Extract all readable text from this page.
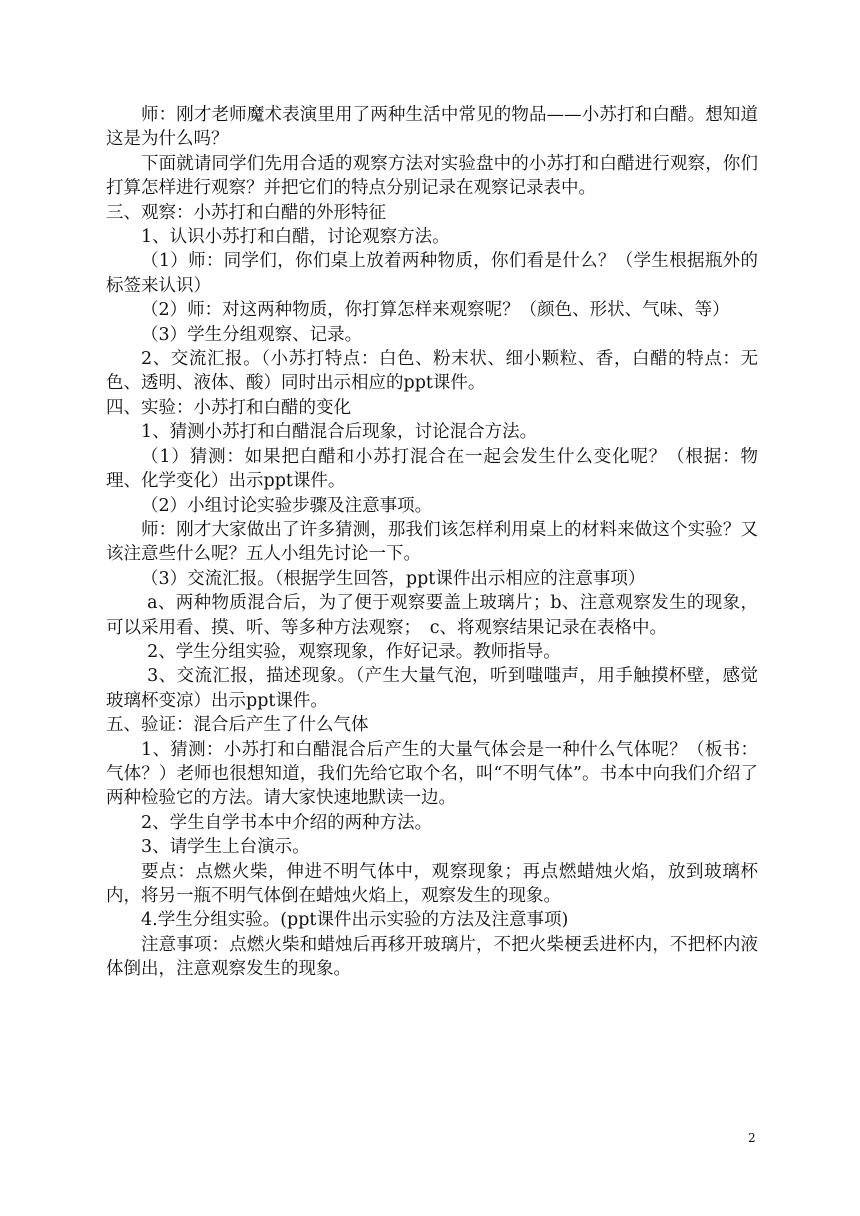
师：刚才老师魔术表演里用了两种生活中常见的物品——小苏打和白醋。想知道这是为什么吗？

下面就请同学们先用合适的观察方法对实验盘中的小苏打和白醋进行观察，你们打算怎样进行观察？并把它们的特点分别记录在观察记录表中。

三、观察：小苏打和白醋的外形特征

1、认识小苏打和白醋，讨论观察方法。

（1）师：同学们，你们桌上放着两种物质，你们看是什么？（学生根据瓶外的标签来认识）

（2）师：对这两种物质，你打算怎样来观察呢？（颜色、形状、气味、等）

（3）学生分组观察、记录。

2、交流汇报。（小苏打特点：白色、粉末状、细小颗粒、香，白醋的特点：无色、透明、液体、酸）同时出示相应的ppt课件。

四、实验：小苏打和白醋的变化

1、猜测小苏打和白醋混合后现象，讨论混合方法。

（1）猜测：如果把白醋和小苏打混合在一起会发生什么变化呢？（根据：物理、化学变化）出示ppt课件。

（2）小组讨论实验步骤及注意事项。

师：刚才大家做出了许多猜测，那我们该怎样利用桌上的材料来做这个实验？又该注意些什么呢？五人小组先讨论一下。

（3）交流汇报。（根据学生回答，ppt课件出示相应的注意事项）

a、两种物质混合后，为了便于观察要盖上玻璃片；b、注意观察发生的现象，可以采用看、摸、听、等多种方法观察；　c、将观察结果记录在表格中。

2、学生分组实验，观察现象，作好记录。教师指导。

3、交流汇报，描述现象。（产生大量气泡，听到嗤嗤声，用手触摸杯壁，感觉玻璃杯变凉）出示ppt课件。

五、验证：混合后产生了什么气体

1、猜测：小苏打和白醋混合后产生的大量气体会是一种什么气体呢？（板书：气体？）老师也很想知道，我们先给它取个名，叫“不明气体”。书本中向我们介绍了两种检验它的方法。请大家快速地默读一边。

2、学生自学书本中介绍的两种方法。

3、请学生上台演示。

要点：点燃火柴，伸进不明气体中，观察现象；再点燃蜡烛火焰，放到玻璃杯内，将另一瓶不明气体倒在蜡烛火焰上，观察发生的现象。

4.学生分组实验。(ppt课件出示实验的方法及注意事项)

注意事项：点燃火柴和蜡烛后再移开玻璃片，不把火柴梗丢进杯内，不把杯内液体倒出，注意观察发生的现象。

2
